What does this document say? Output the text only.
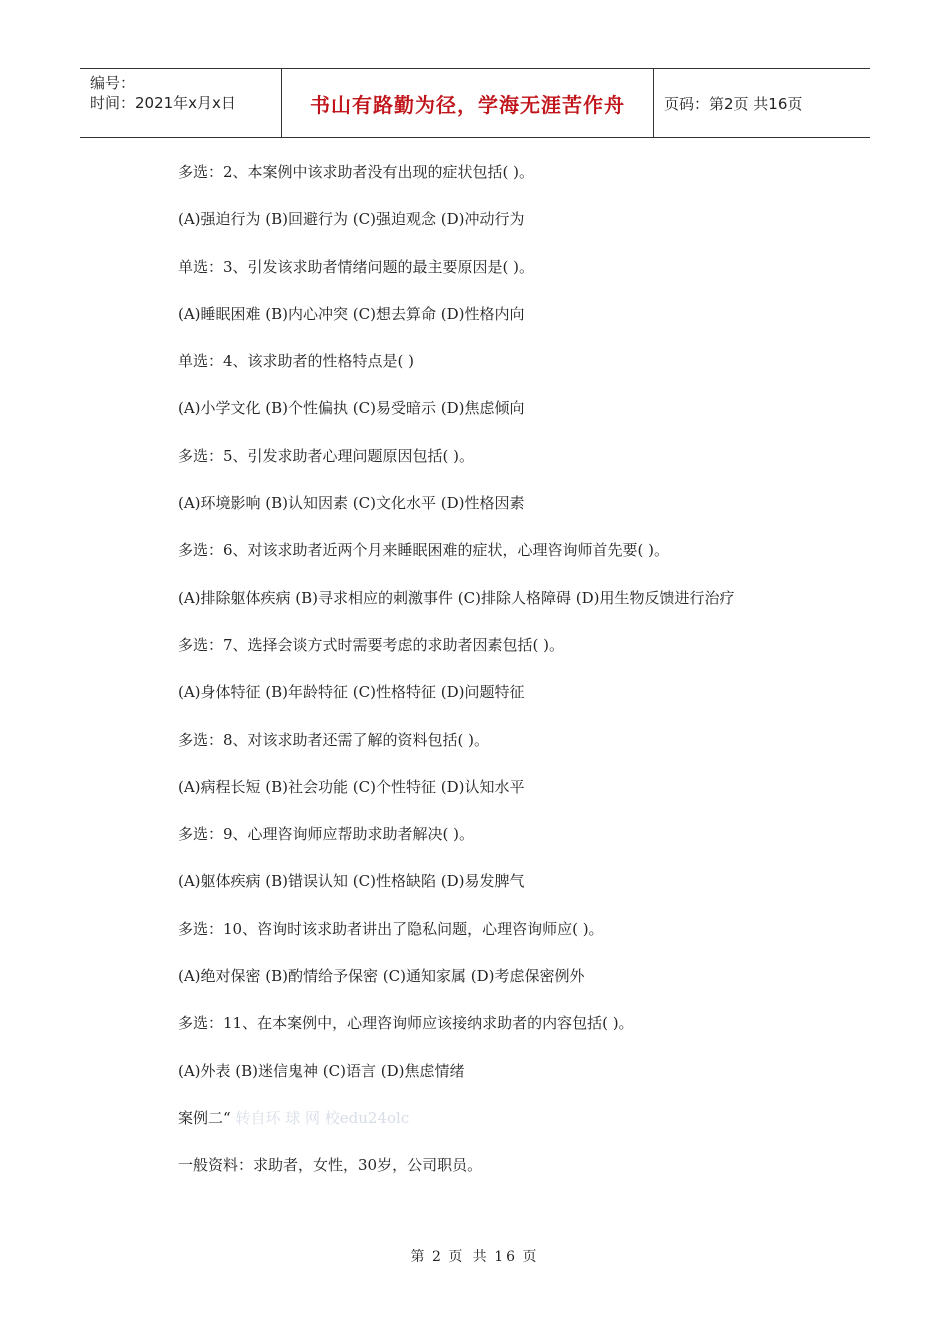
编号：
时间：2021年x月x日	书山有路勤为径，学海无涯苦作舟	页码：第2页 共16页
多选：2、本案例中该求助者没有出现的症状包括( )。
(A)强迫行为 (B)回避行为 (C)强迫观念 (D)冲动行为
单选：3、引发该求助者情绪问题的最主要原因是( )。
(A)睡眠困难 (B)内心冲突 (C)想去算命 (D)性格内向
单选：4、该求助者的性格特点是( )
(A)小学文化 (B)个性偏执 (C)易受暗示 (D)焦虑倾向
多选：5、引发求助者心理问题原因包括( )。
(A)环境影响 (B)认知因素 (C)文化水平 (D)性格因素
多选：6、对该求助者近两个月来睡眠困难的症状，心理咨询师首先要( )。
(A)排除躯体疾病 (B)寻求相应的刺激事件 (C)排除人格障碍 (D)用生物反馈进行治疗
多选：7、选择会谈方式时需要考虑的求助者因素包括( )。
(A)身体特征 (B)年龄特征 (C)性格特征 (D)问题特征
多选：8、对该求助者还需了解的资料包括( )。
(A)病程长短 (B)社会功能 (C)个性特征 (D)认知水平
多选：9、心理咨询师应帮助求助者解决( )。
(A)躯体疾病 (B)错误认知 (C)性格缺陷 (D)易发脾气
多选：10、咨询时该求助者讲出了隐私问题，心理咨询师应( )。
(A)绝对保密 (B)酌情给予保密 (C)通知家属 (D)考虑保密例外
多选：11、在本案例中，心理咨询师应该接纳求助者的内容包括( )。
(A)外表 (B)迷信鬼神 (C)语言 (D)焦虑情绪
案例二“ 转自环 球 网 校edu24olc
一般资料：求助者，女性，30岁，公司职员。
第 2 页 共 16 页
